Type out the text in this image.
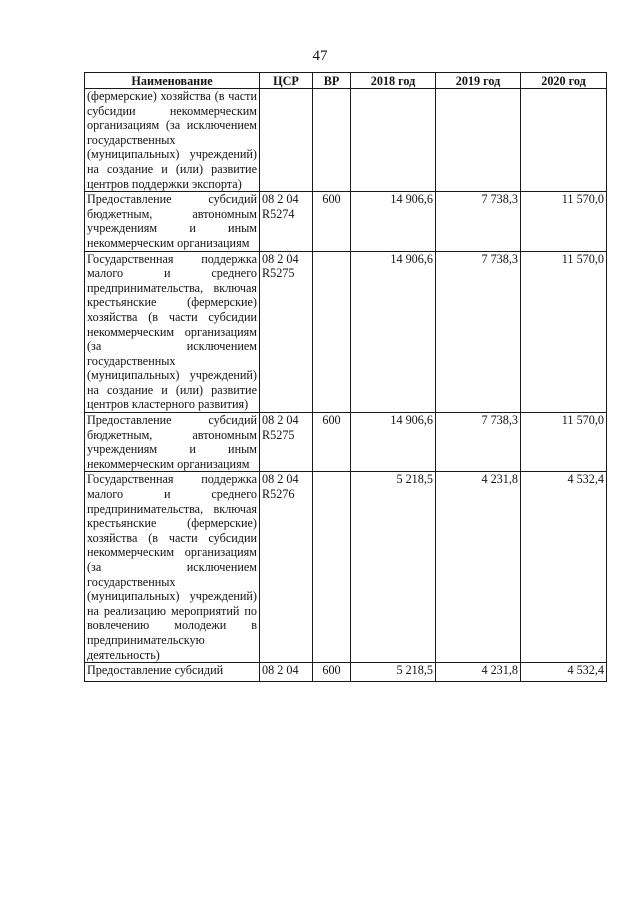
47
Наименование	ЦСР	ВР	2018 год	2019 год	2020 год
(фермерские) хозяйства (в части субсидии некоммерческим организациям (за исключением государственных (муниципальных) учреждений) на создание и (или) развитие центров поддержки экспорта)					
Предоставление субсидий бюджетным, автономным учреждениям и иным некоммерческим организациям	08 2 04 R5274	600	14 906,6	7 738,3	11 570,0
Государственная поддержка малого и среднего предпринимательства, включая крестьянские (фермерские) хозяйства (в части субсидии некоммерческим организациям (за исключением государственных (муниципальных) учреждений) на создание и (или) развитие центров кластерного развития)	08 2 04 R5275		14 906,6	7 738,3	11 570,0
Предоставление субсидий бюджетным, автономным учреждениям и иным некоммерческим организациям	08 2 04 R5275	600	14 906,6	7 738,3	11 570,0
Государственная поддержка малого и среднего предпринимательства, включая крестьянские (фермерские) хозяйства (в части субсидии некоммерческим организациям (за исключением государственных (муниципальных) учреждений) на реализацию мероприятий по вовлечению молодежи в предпринимательскую деятельность)	08 2 04 R5276		5 218,5	4 231,8	4 532,4
Предоставление субсидий	08 2 04	600	5 218,5	4 231,8	4 532,4
